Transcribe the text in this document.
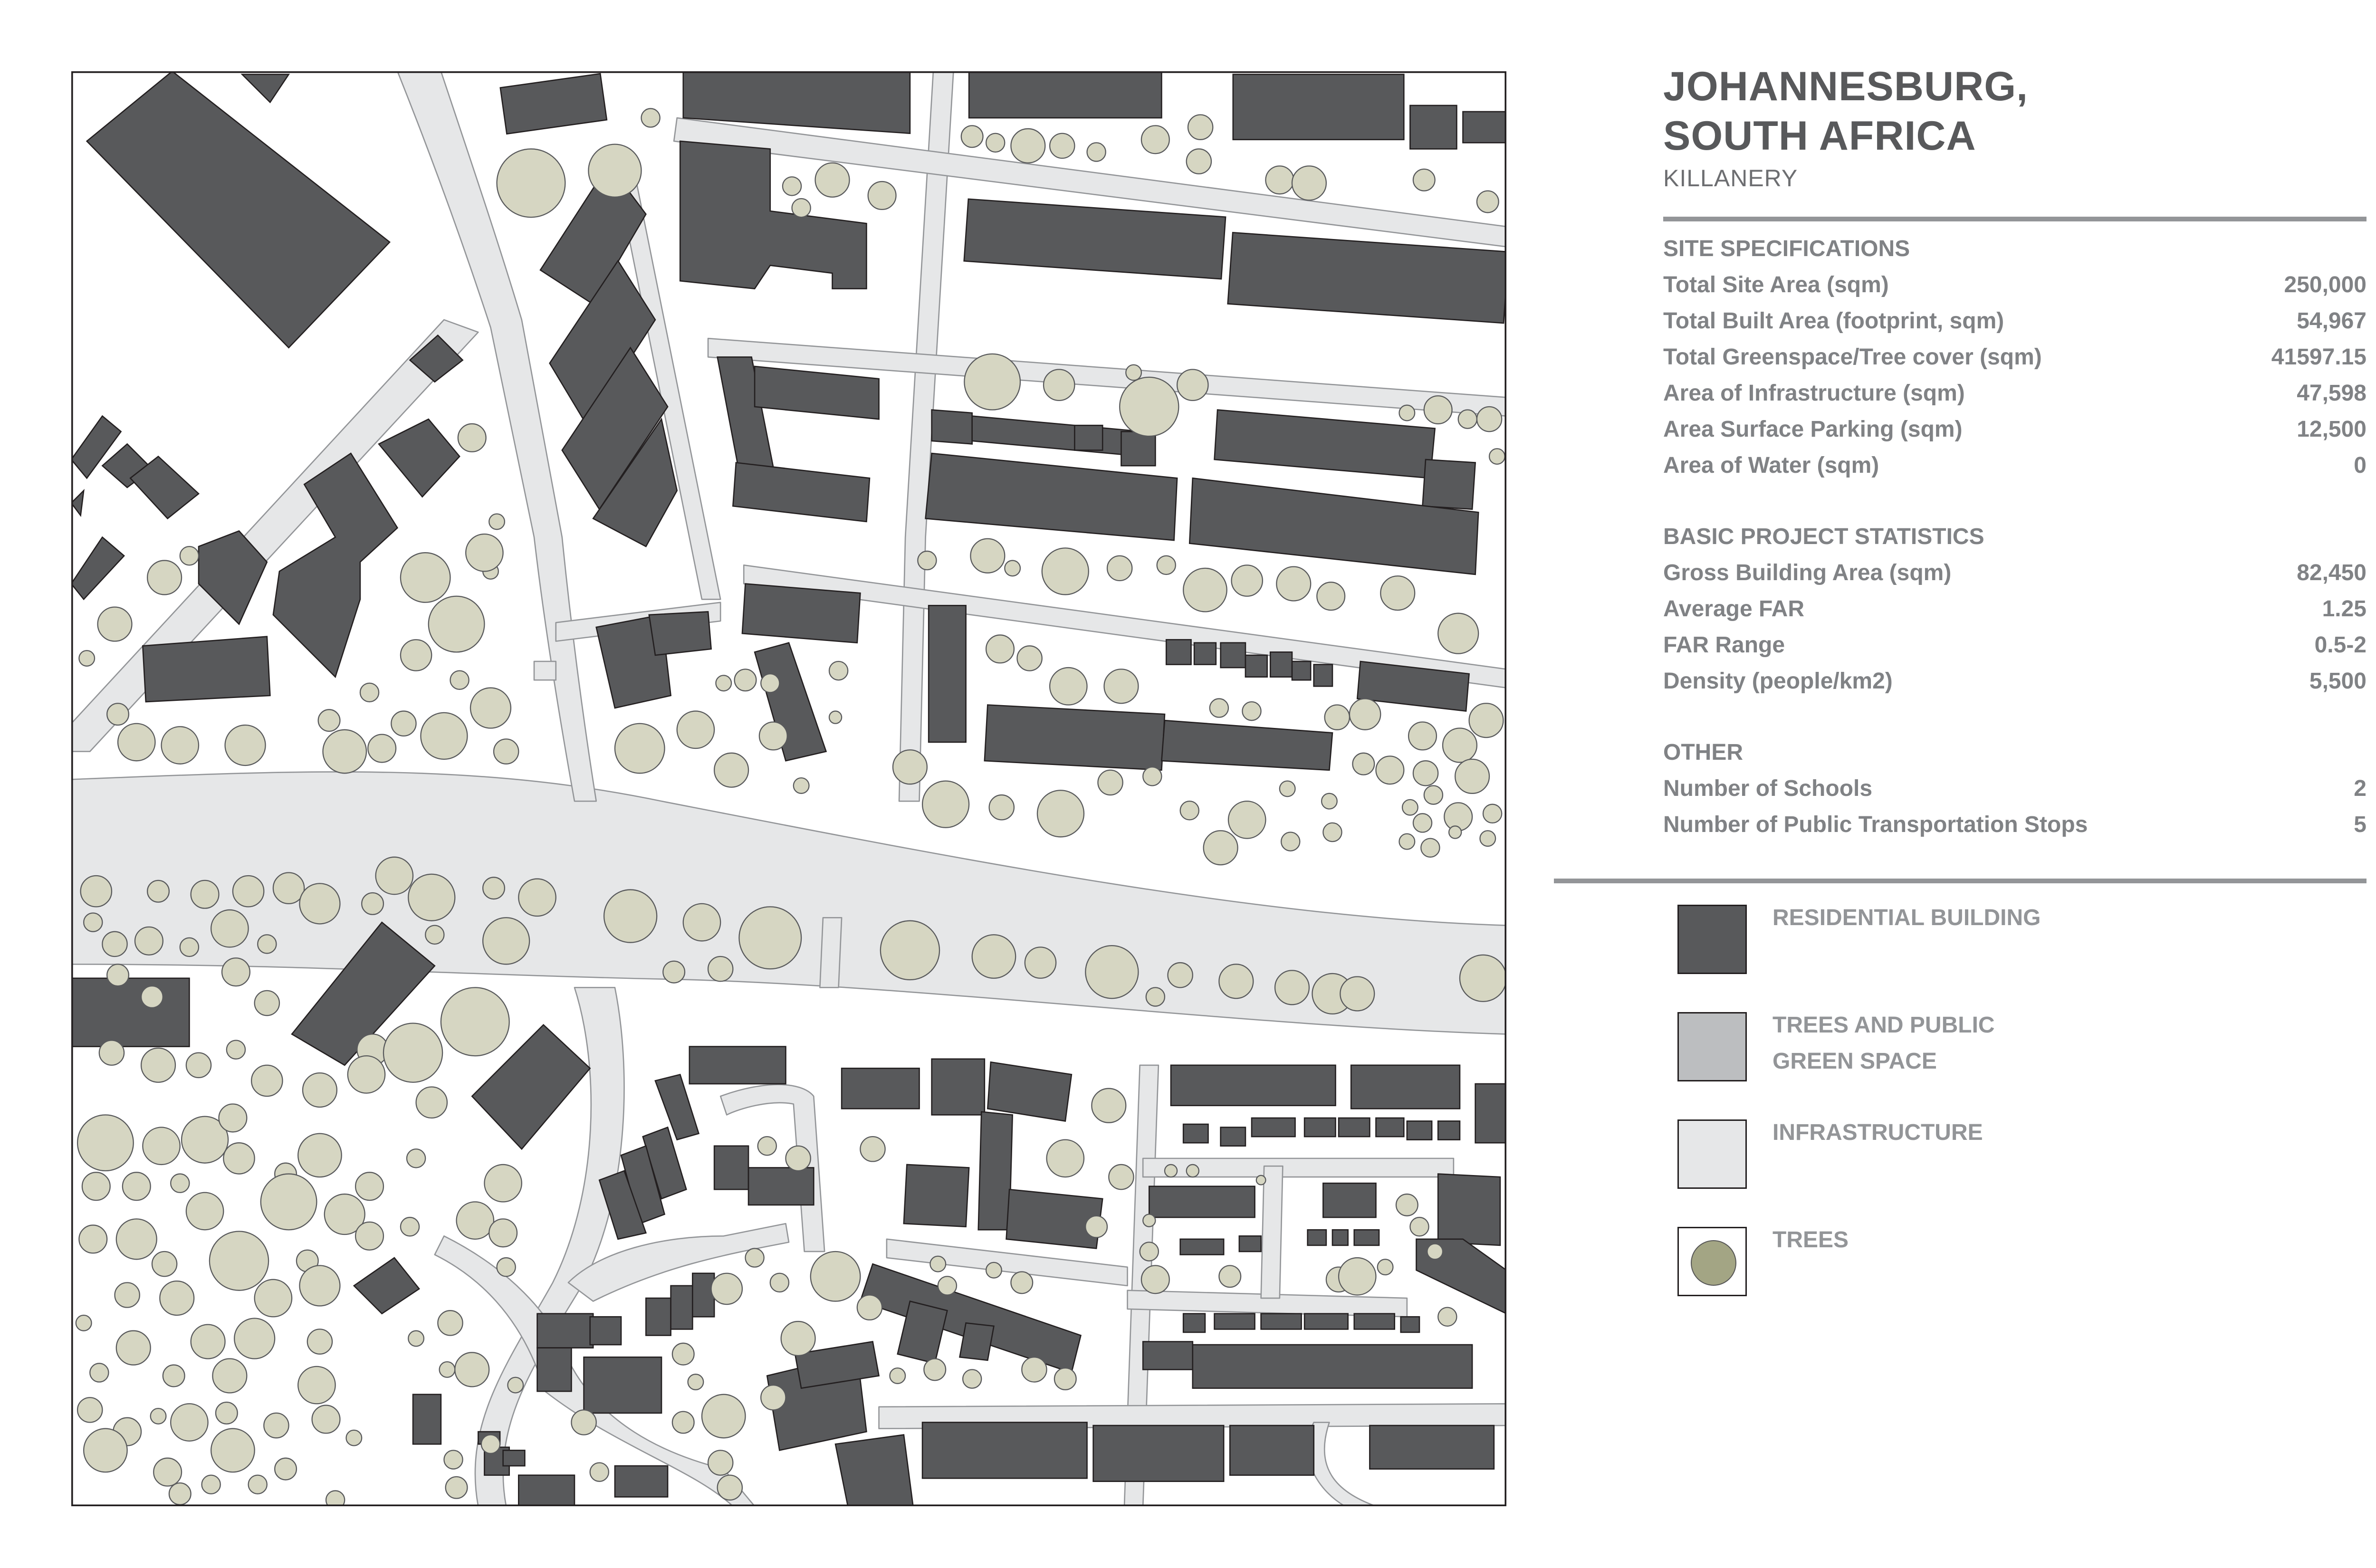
JOHANNESBURG,
SOUTH AFRICA
KILLANERY
SITE SPECIFICATIONS
Total Site Area (sqm)	250,000
Total Built Area (footprint, sqm)	54,967
Total Greenspace/Tree cover (sqm)	41597.15
Area of Infrastructure (sqm)	47,598
Area Surface Parking (sqm)	12,500
Area of Water (sqm)	0
BASIC PROJECT STATISTICS
Gross Building Area (sqm)	82,450
Average FAR	1.25
FAR Range	0.5-2
Density (people/km2)	5,500
OTHER
Number of Schools	2
Number of Public Transportation Stops	5
RESIDENTIAL BUILDING
TREES AND PUBLIC
GREEN SPACE
INFRASTRUCTURE
TREES
